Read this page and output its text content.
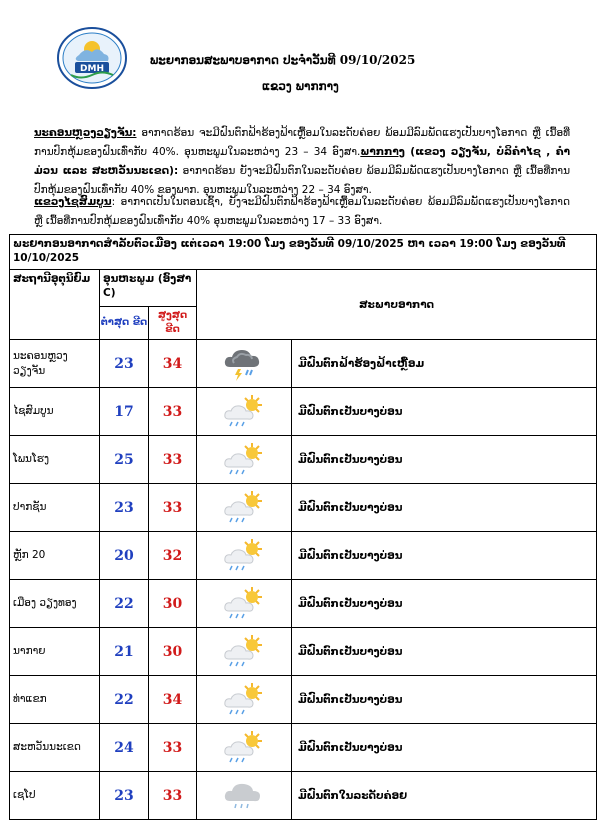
DMH
ພະຍາກອນສະພາບອາກາດ ປະຈຳວັນທີ 09/10/2025
ແຂວງ ພາກກາງ
ນະຄອນຫຼວງວຽງຈັນ: ອາກາດຮ້ອນ ຈະມີຝົນຕົກຟ້າຮ້ອງຟ້າເຫຼື້ອມໃນລະດັບຄ່ອຍ ພ້ອມມີລົມພັດແຮງເປັນບາງໂອກາດ ຫຼື ເນື້ອທີ່ການປົກຫຸ້ມຂອງຝົນເທົ່າກັບ 40%. ອຸນຫະພູມໃນລະຫວ່າງ 23 – 34 ອົງສາ.ພາກກາງ (ແຂວງ ວຽງຈັນ, ບໍລິຄໍາໄຊ , ຄໍາມ່ວນ ແລະ ສະຫວັນນະເຂດ): ອາກາດຮ້ອນ ຍັງຈະມີຝົນຕົກໃນລະດັບຄ່ອຍ ພ້ອມມີລົມພັດແຮງເປັນບາງໂອກາດ ຫຼື ເນື້ອທີ່ການປົກຫຸ້ມຂອງຝົນເທົ່າກັບ 40% ຂອງພາກ. ອຸນຫະພູມໃນລະຫວ່າງ 22 – 34 ອົງສາ.
ແຂວງໄຊສົມບູນ: ອາກາດເປັນໃນຕອນເຊົ້າ, ຍັງຈະມີຝົນຕົກຟ້າຮ້ອງຟ້າເຫຼື້ອມໃນລະດັບຄ່ອຍ ພ້ອມມີລົມພັດແຮງເປັນບາງໂອກາດ ຫຼື ເນື້ອທີ່ການປົກຫຸ້ມຂອງຝົນເທົ່າກັບ 40% ອຸນຫະພູມໃນລະຫວ່າງ 17 – 33 ອົງສາ.
ພະຍາກອນອາກາດສໍາລັບຕົວເມືອງ ແຕ່ເວລາ 19:00 ໂມງ ຂອງວັນທີ 09/10/2025 ຫາ ເວລາ 19:00 ໂມງ ຂອງວັນທີ 10/10/2025				
ສະຖານີອຸຕຸນິຍົມ	ອຸນຫະພູມ (ອົງສາ C)		ສະພາບອາກາດ	
	ຕໍ່າສຸດ ຂີດ	ສູງສຸດ ຂີດ		
ນະຄອນຫຼວງວຽງຈັນ	23	34		ມີຝົນຕົກຟ້າຮ້ອງຟ້າເຫຼື້ອມ
ໄຊສົມບູນ	17	33		ມີຝົນຕົກເປັນບາງບ່ອນ
ໂພນໂຮງ	25	33		ມີຝົນຕົກເປັນບາງບ່ອນ
ປາກຊັນ	23	33		ມີຝົນຕົກເປັນບາງບ່ອນ
ຫຼັກ 20	20	32		ມີຝົນຕົກເປັນບາງບ່ອນ
ເມືອງ ວຽງທອງ	22	30		ມີຝົນຕົກເປັນບາງບ່ອນ
ນາກາຍ	21	30		ມີຝົນຕົກເປັນບາງບ່ອນ
ທ່າແຂກ	22	34		ມີຝົນຕົກເປັນບາງບ່ອນ
ສະຫວັນນະເຂດ	24	33		ມີຝົນຕົກເປັນບາງບ່ອນ
ເຊໂປ	23	33		ມີຝົນຕົກໃນລະດັບຄ່ອຍ
